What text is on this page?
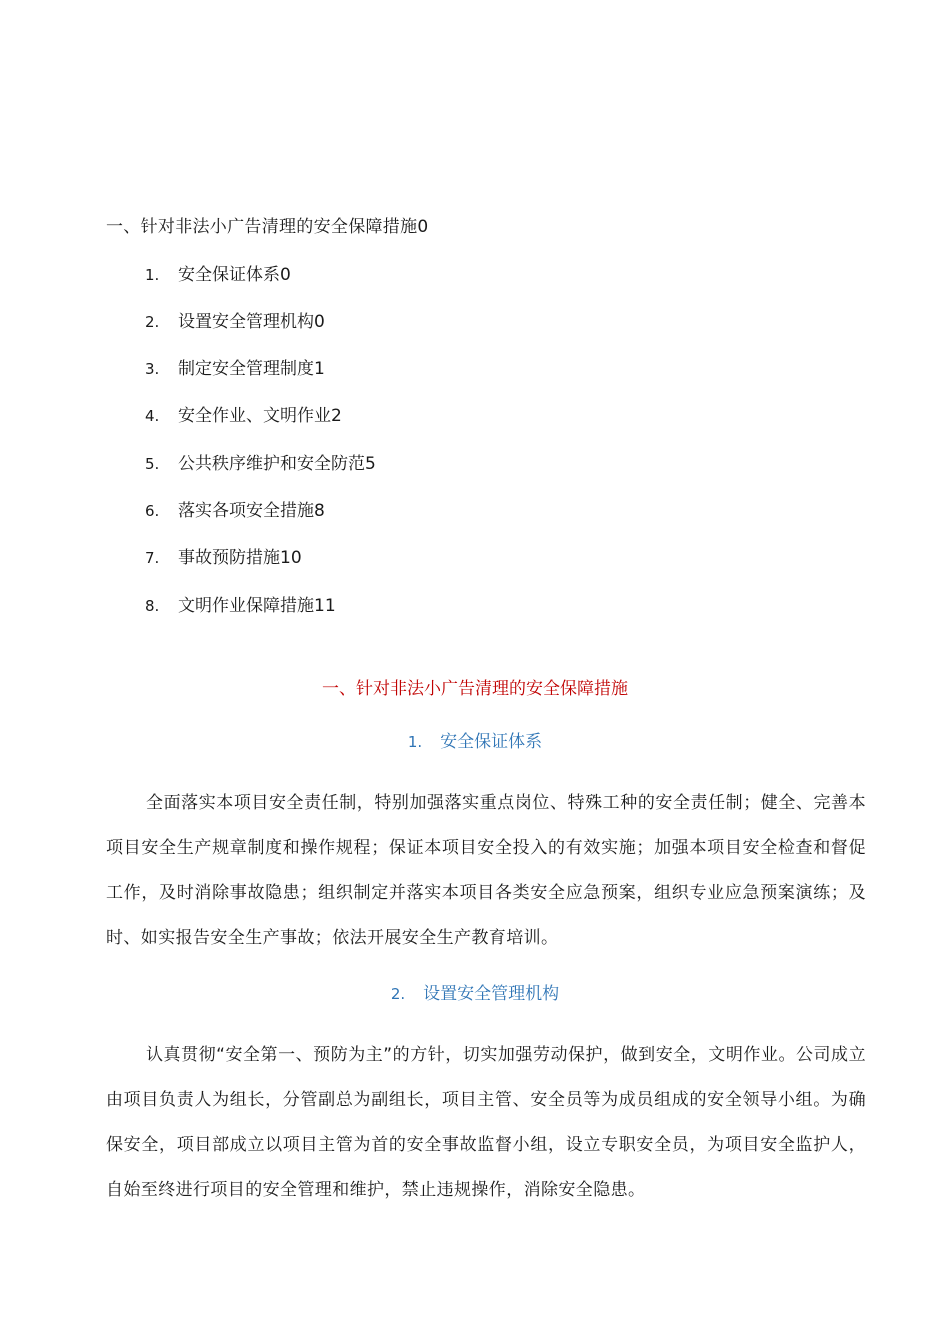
一、针对非法小广告清理的安全保障措施0
1. 安全保证体系0
2. 设置安全管理机构0
3. 制定安全管理制度1
4. 安全作业、文明作业2
5. 公共秩序维护和安全防范5
6. 落实各项安全措施8
7. 事故预防措施10
8. 文明作业保障措施11
一、针对非法小广告清理的安全保障措施
1. 安全保证体系
全面落实本项目安全责任制，特别加强落实重点岗位、特殊工种的安全责任制；健全、完善本项目安全生产规章制度和操作规程；保证本项目安全投入的有效实施；加强本项目安全检查和督促工作，及时消除事故隐患；组织制定并落实本项目各类安全应急预案，组织专业应急预案演练；及时、如实报告安全生产事故；依法开展安全生产教育培训。
2. 设置安全管理机构
认真贯彻“安全第一、预防为主”的方针，切实加强劳动保护，做到安全，文明作业。公司成立由项目负责人为组长，分管副总为副组长，项目主管、安全员等为成员组成的安全领导小组。为确保安全，项目部成立以项目主管为首的安全事故监督小组，设立专职安全员，为项目安全监护人，自始至终进行项目的安全管理和维护，禁止违规操作，消除安全隐患。
